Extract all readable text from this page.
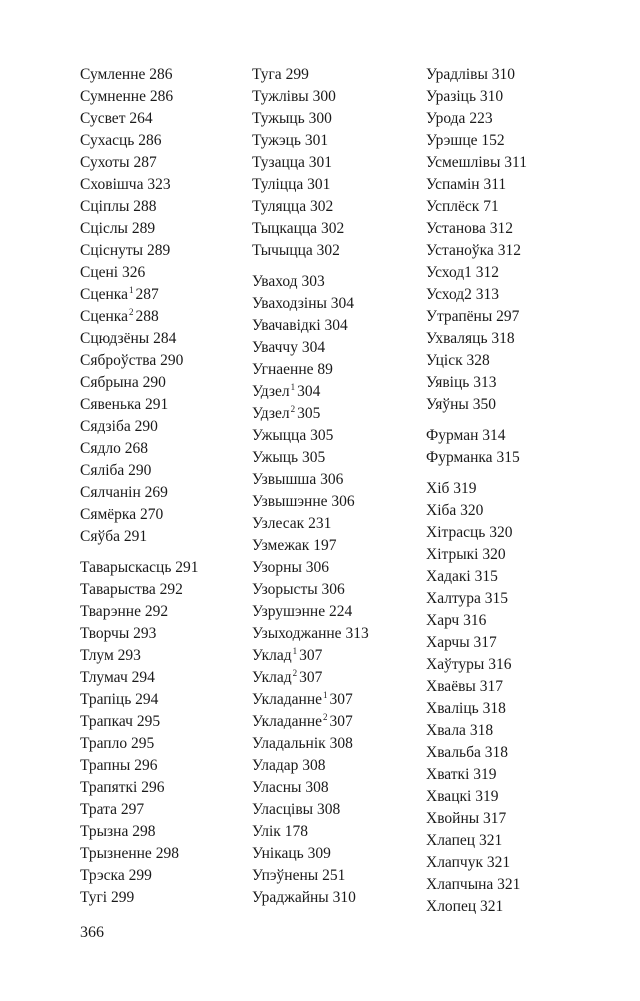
Сумленне 286
Сумненне 286
Сусвет 264
Сухасць 286
Сухоты 287
Сховішча 323
Сціплы 288
Сціслы 289
Сціснуты 289
Сцені 326
Сценка$^1$ 287
Сценка$^2$ 288
Сцюдзёны 284
Сяброўства 290
Сябрына 290
Сявенька 291
Сядзіба 290
Сядло 268
Сяліба 290
Сялчанін 269
Сямёрка 270
Сяўба 291
Таварыскасць 291
Таварыства 292
Тварэнне 292
Творчы 293
Тлум 293
Тлумач 294
Трапіць 294
Трапкач 295
Трапло 295
Трапны 296
Трапяткі 296
Трата 297
Трызна 298
Трызненне 298
Трэска 299
Тугі 299
Туга 299
Тужлівы 300
Тужыць 300
Тужэць 301
Тузацца 301
Туліцца 301
Туляцца 302
Тыцкацца 302
Тычыцца 302
Уваход 303
Уваходзіны 304
Увачавідкі 304
Уваччу 304
Угнаенне 89
Удзел$^1$ 304
Удзел$^2$ 305
Ужыцца 305
Ужыць 305
Узвышша 306
Узвышэнне 306
Узлесак 231
Узмежак 197
Узорны 306
Узорысты 306
Узрушэнне 224
Узыходжанне 313
Уклад$^1$ 307
Уклад$^2$ 307
Укладанне$^1$ 307
Укладанне$^2$ 307
Уладальнік 308
Уладар 308
Уласны 308
Уласцівы 308
Улік 178
Унікаць 309
Упэўнены 251
Ураджайны 310
Урадлівы 310
Уразіць 310
Урода 223
Урэшце 152
Усмешлівы 311
Успамін 311
Усплёск 71
Установа 312
Устаноўка 312
Усход1 312
Усход2 313
Утрапёны 297
Ухваляць 318
Уціск 328
Уявіць 313
Уяўны 350
Фурман 314
Фурманка 315
Хіб 319
Хіба 320
Хітрасць 320
Хітрыкі 320
Хадакі 315
Халтура 315
Харч 316
Харчы 317
Хаўтуры 316
Хваёвы 317
Хваліць 318
Хвала 318
Хвальба 318
Хваткі 319
Хвацкі 319
Хвойны 317
Хлапец 321
Хлапчук 321
Хлапчына 321
Хлопец 321
366
